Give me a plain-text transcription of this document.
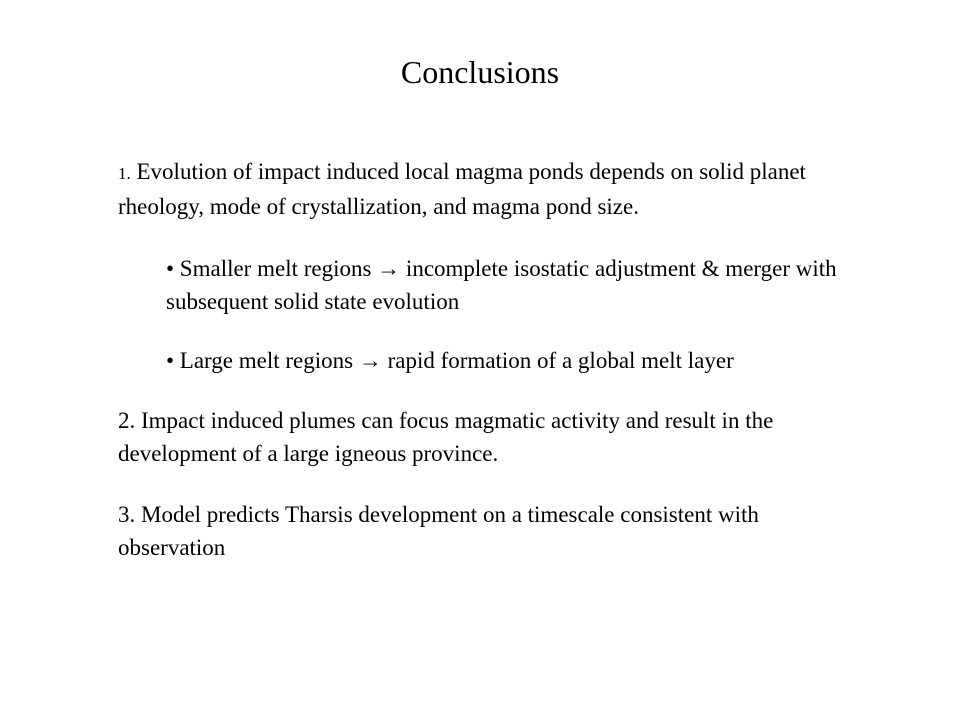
Conclusions
1. Evolution of impact induced local magma ponds depends on solid planet rheology, mode of crystallization, and magma pond size.
• Smaller melt regions → incomplete isostatic adjustment & merger with subsequent solid state evolution
• Large melt regions → rapid formation of a global melt layer
2. Impact induced plumes can focus magmatic activity and result in the development of a large igneous province.
3. Model predicts Tharsis development on a timescale consistent with observation
